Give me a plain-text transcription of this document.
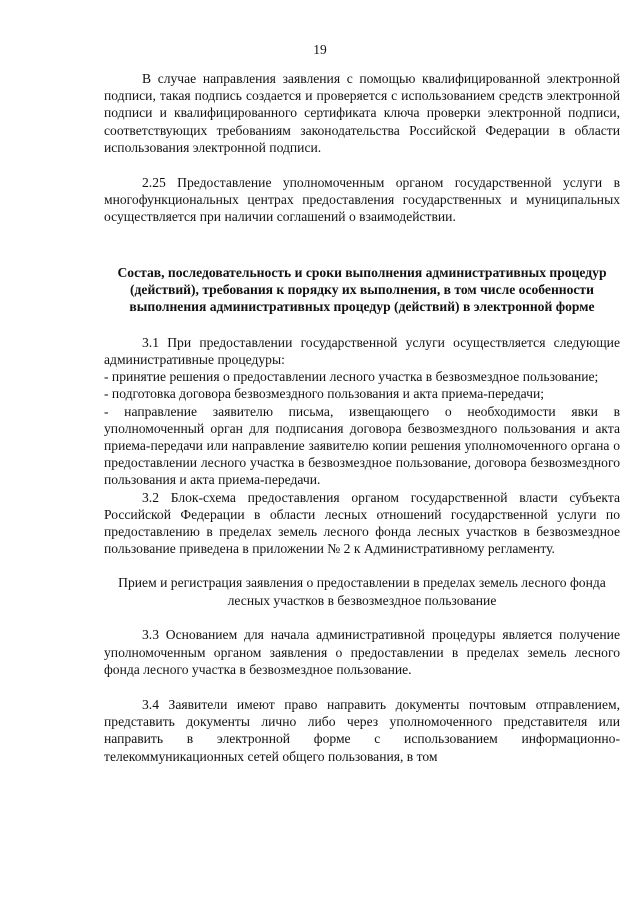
19

В случае направления заявления с помощью квалифицированной электронной подписи, такая подпись создается и проверяется с использованием средств электронной подписи и квалифицированного сертификата ключа проверки электронной подписи, соответствующих требованиям законодательства Российской Федерации в области использования электронной подписи.

2.25 Предоставление уполномоченным органом государственной услуги в многофункциональных центрах предоставления государственных и муниципальных осуществляется при наличии соглашений о взаимодействии.

Состав, последовательность и сроки выполнения административных процедур (действий), требования к порядку их выполнения, в том числе особенности выполнения административных процедур (действий) в электронной форме

3.1 При предоставлении государственной услуги осуществляется следующие административные процедуры:

- принятие решения о предоставлении лесного участка в безвозмездное пользование;

- подготовка договора безвозмездного пользования и акта приема-передачи;

- направление заявителю письма, извещающего о необходимости явки в уполномоченный орган для подписания договора безвозмездного пользования и акта приема-передачи или направление заявителю копии решения уполномоченного органа о предоставлении лесного участка в безвозмездное пользование, договора безвозмездного пользования и акта приема-передачи.

3.2 Блок-схема предоставления органом государственной власти субъекта Российской Федерации в области лесных отношений государственной услуги по предоставлению в пределах земель лесного фонда лесных участков в безвозмездное пользование приведена в приложении № 2 к Административному регламенту.

Прием и регистрация заявления о предоставлении в пределах земель лесного фонда лесных участков в безвозмездное пользование

3.3 Основанием для начала административной процедуры является получение уполномоченным органом заявления о предоставлении в пределах земель лесного фонда лесного участка в безвозмездное пользование.

3.4 Заявители имеют право направить документы почтовым отправлением, представить документы лично либо через уполномоченного представителя или направить в электронной форме с использованием информационно-телекоммуникационных сетей общего пользования, в том
